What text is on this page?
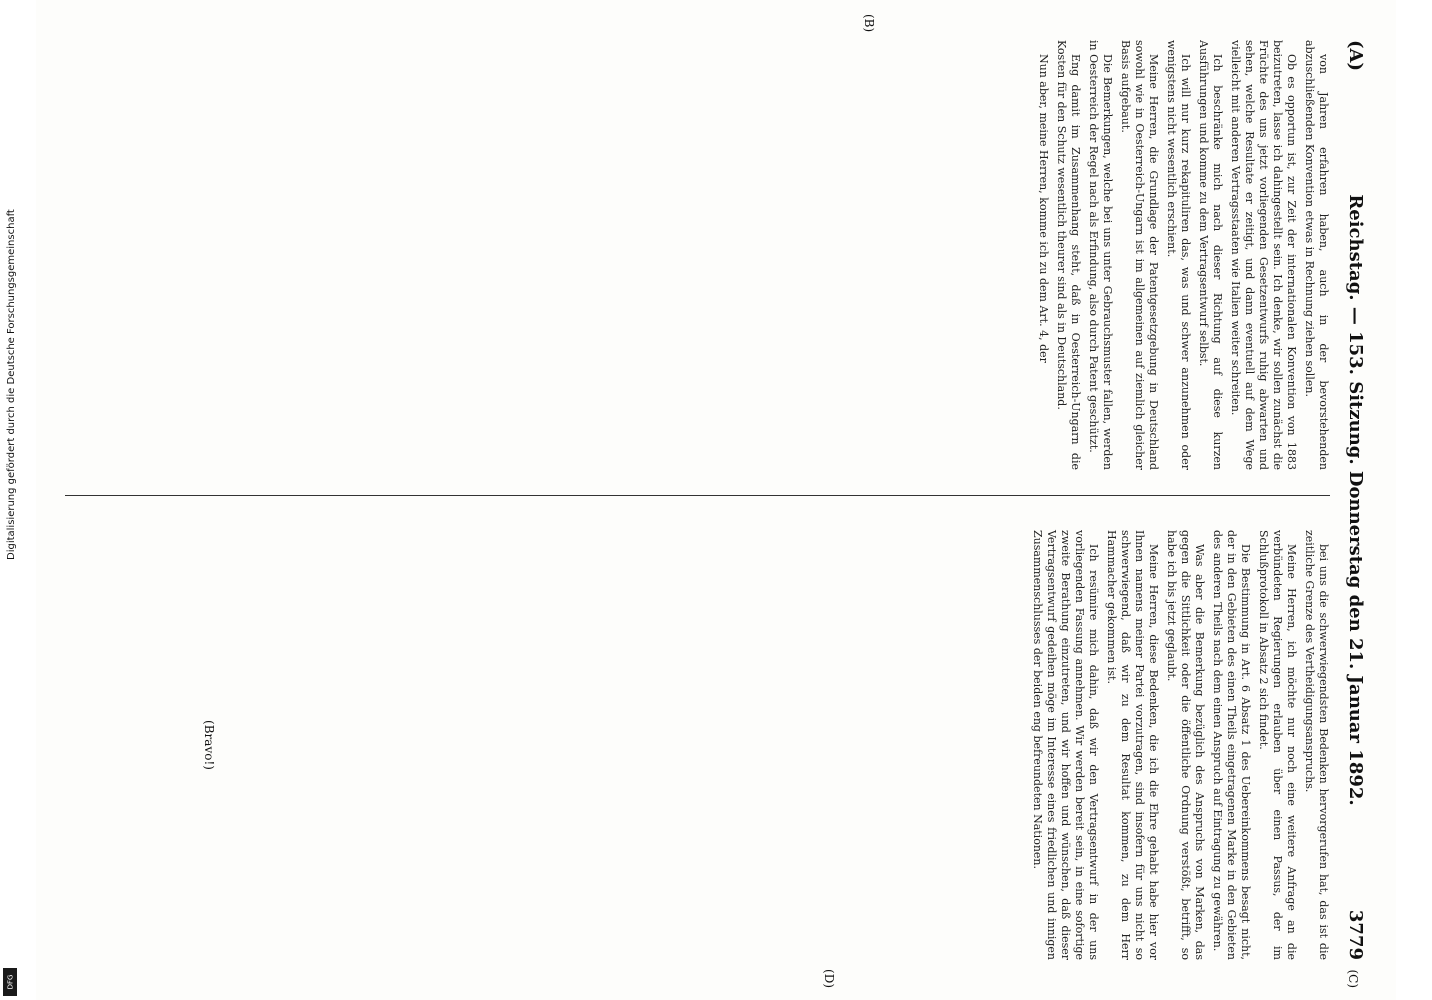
(A)
Reichstag. — 153. Sitzung. Donnerstag den 21. Januar 1892.
3779

von Jahren erfahren haben, auch in der bevorstehenden abzuschließenden Konvention etwas in Rechnung ziehen sollen.

Ob es opportun ist, zur Zeit der internationalen Konvention von 1883 beizutreten, lasse ich dahingestellt sein. Ich denke, wir sollen zunächst die Früchte des uns jetzt vorliegenden Gesetzentwurfs ruhig abwarten und sehen, welche Resultate er zeitigt, und dann eventuell auf dem Wege vielleicht mit anderen Vertragsstaaten wie Italien weiter schreiten.

Ich beschränke mich nach dieser Richtung auf diese kurzen Ausführungen und komme zu dem Vertragsentwurf selbst.

Ich will nur kurz rekapituliren das, was und schwer anzunehmen oder wenigstens nicht wesentlich erschient.

Meine Herren, die Grundlage der Patentgesetzgebung in Deutschland sowohl wie in Oesterreich-Ungarn ist im allgemeinen auf ziemlich gleicher Basis aufgebaut.

Die Bemerkungen, welche bei uns unter Gebrauchsmuster fallen, werden in Oesterreich der Regel nach als Erfindung, also durch Patent geschützt.

Eng damit im Zusammenhang steht, daß in Oesterreich-Ungarn die Kosten für den Schutz wesentlich theurer sind als in Deutschland.

Nun aber, meine Herren, komme ich zu dem Art. 4, der

(B)

bei uns die schwerwiegendsten Bedenken hervorgerufen hat, das ist die zeitliche Grenze des Vertheidigungsanspruchs.

Meine Herren, ich möchte nur noch eine weitere Anfrage an die verbündeten Regierungen erlauben über einen Passus, der im Schlußprotokoll in Absatz 2 sich findet.

Die Bestimmung in Art. 6 Absatz 1 des Uebereinkommens besagt nicht, der in den Gebieten des einen Theils eingetragenen Marke in den Gebieten des anderen Theils nach dem einen Anspruch auf Eintragung zu gewähren.

Was aber die Bemerkung bezüglich des Anspruchs von Marken, das gegen die Sittlichkeit oder die öffentliche Ordnung verstößt, betrifft, so habe ich bis jetzt geglaubt.

Meine Herren, diese Bedenken, die ich die Ehre gehabt habe hier vor Ihnen namens meiner Partei vorzutragen, sind insofern für uns nicht so schwerwiegend, daß wir zu dem Resultat kommen, zu dem Herr Hammacher gekommen ist.

Ich resümire mich dahin, daß wir den Vertragsentwurf in der uns vorliegenden Fassung annehmen. Wir werden bereit sein, in eine sofortige zweite Berathung einzutreten, und wir hoffen und wünschen, daß dieser Vertragsentwurf gedeihen möge im Interesse eines friedlichen und innigen Zusammenschlusses der beiden eng befreundeten Nationen.

(C)
(D)
(Bravo!)
Digitalisierung gefördert durch die Deutsche Forschungsgemeinschaft
DFG
